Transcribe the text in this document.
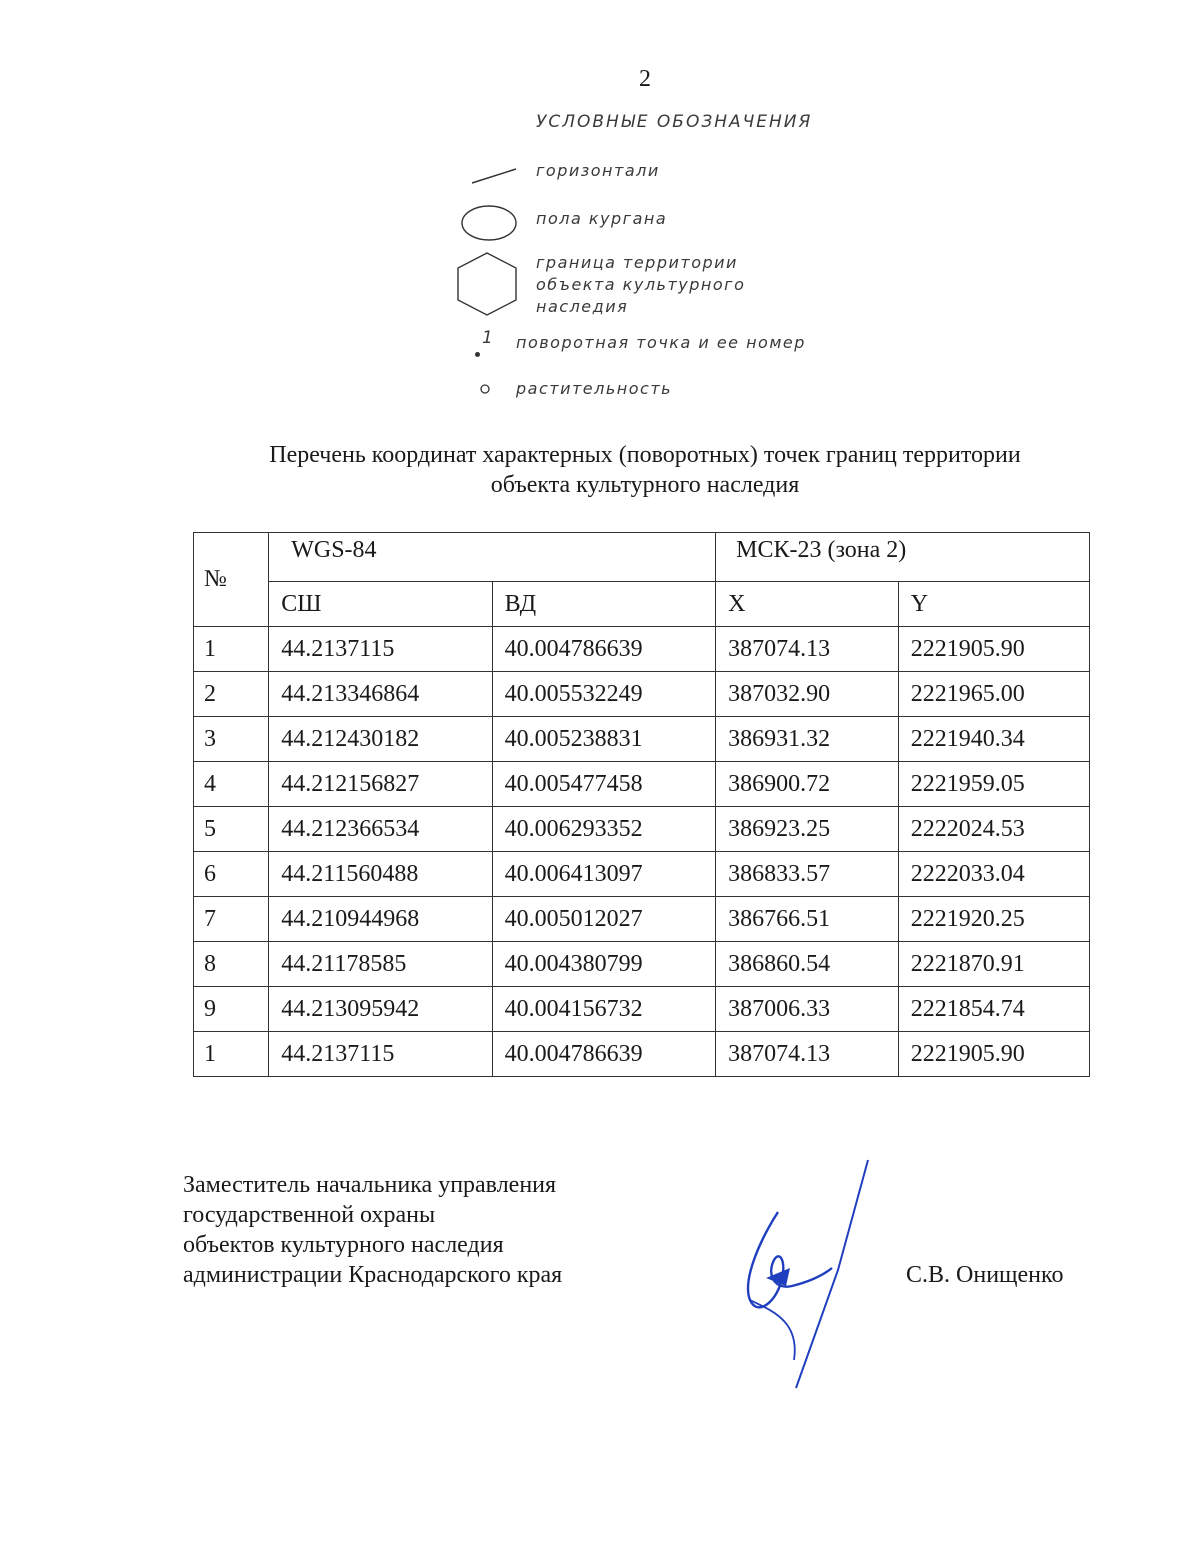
2
УСЛОВНЫЕ ОБОЗНАЧЕНИЯ
горизонтали
пола кургана
граница территории
объекта культурного
наследия
1 поворотная точка и ее номер
растительность
Перечень координат характерных (поворотных) точек границ территории
объекта культурного наследия
№	WGS-84		МСК-23 (зона 2)	
	СШ	ВД	X	Y
1	44.2137115	40.004786639	387074.13	2221905.90
2	44.213346864	40.005532249	387032.90	2221965.00
3	44.212430182	40.005238831	386931.32	2221940.34
4	44.212156827	40.005477458	386900.72	2221959.05
5	44.212366534	40.006293352	386923.25	2222024.53
6	44.211560488	40.006413097	386833.57	2222033.04
7	44.210944968	40.005012027	386766.51	2221920.25
8	44.21178585	40.004380799	386860.54	2221870.91
9	44.213095942	40.004156732	387006.33	2221854.74
1	44.2137115	40.004786639	387074.13	2221905.90
Заместитель начальника управления
государственной охраны
объектов культурного наследия
администрации Краснодарского края	С.В. Онищенко
